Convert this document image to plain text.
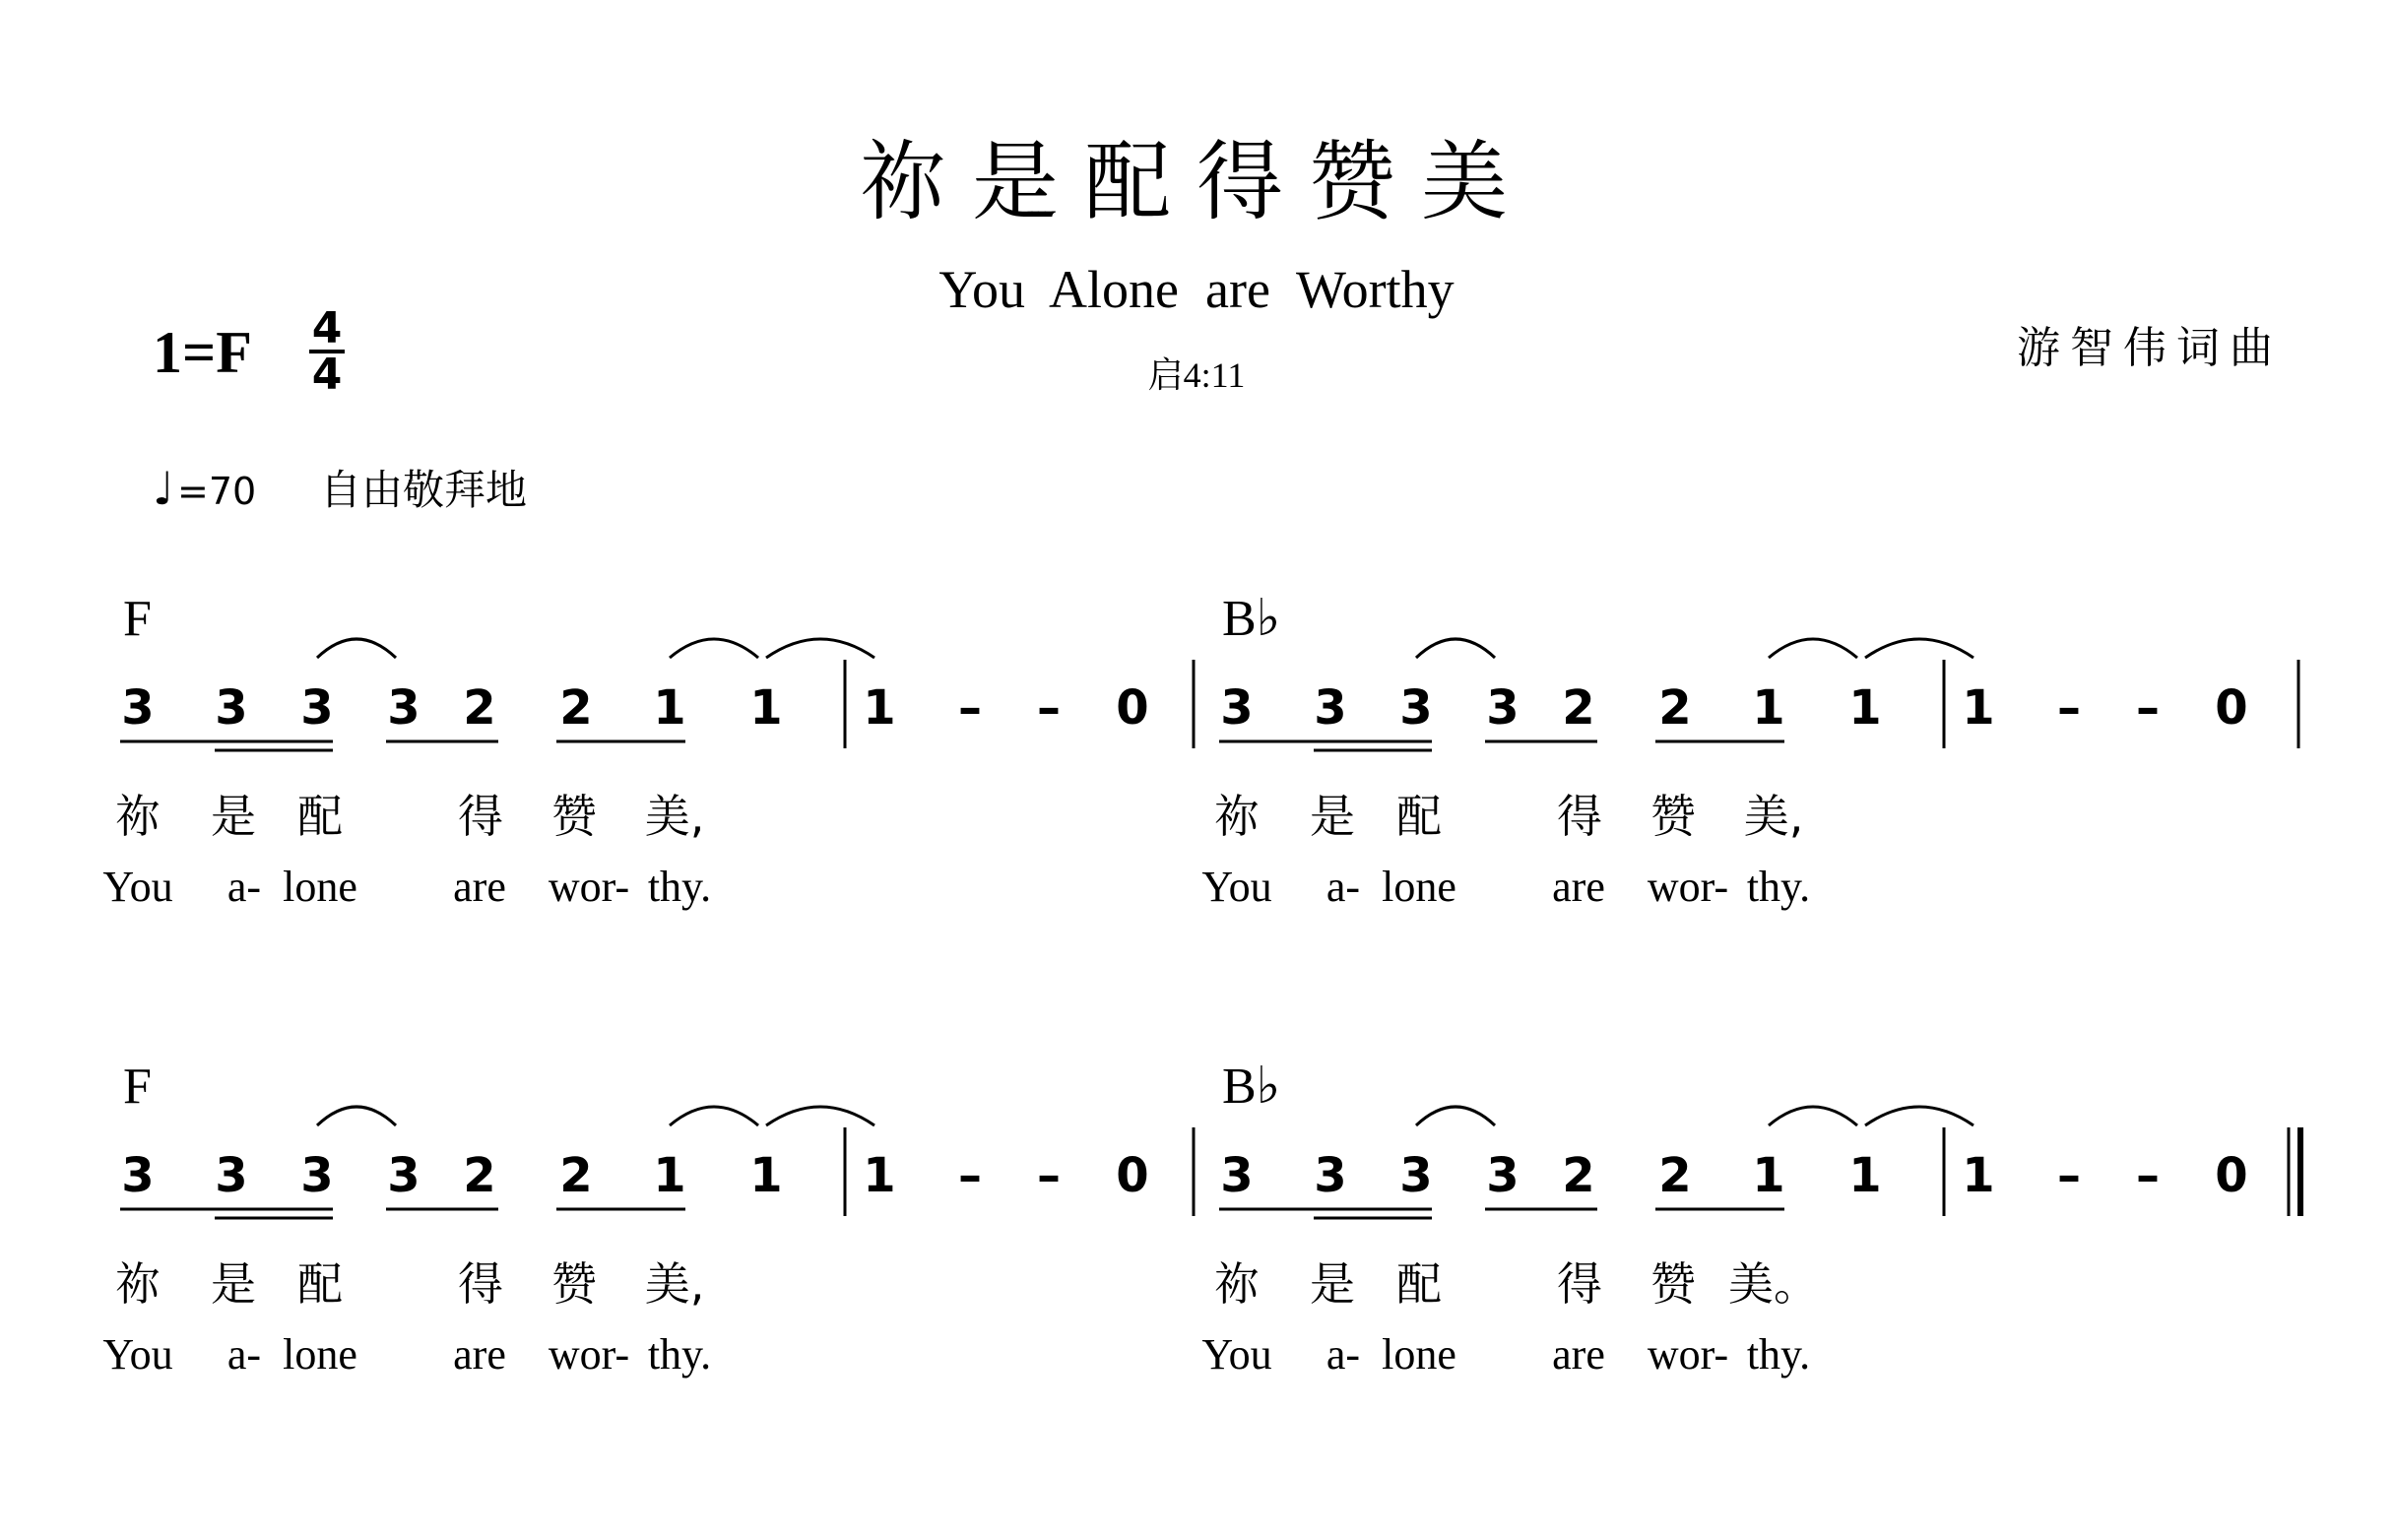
祢是配得赞美
You  Alone  are  Worthy
启4:11
游智伟词曲
1=F 4
4
♩ =70 自由敬拜地
F
3 3 3 3 2 2 1 1 1 – – 0
祢 是 配	得 赞 美,
You a- lone are wor- thy.
B♭
3 3 3 3 2 2 1 1 1 – – 0
祢 是 配	得 赞 美,
You a- lone are wor- thy.
F
3 3 3 3 2 2 1 1 1 – – 0
祢 是 配	得 赞 美,
You a- lone are wor- thy.
B♭
3 3 3 3 2 2 1 1 1 – – 0
祢 是 配	得 赞 美。
You a- lone are wor- thy.
